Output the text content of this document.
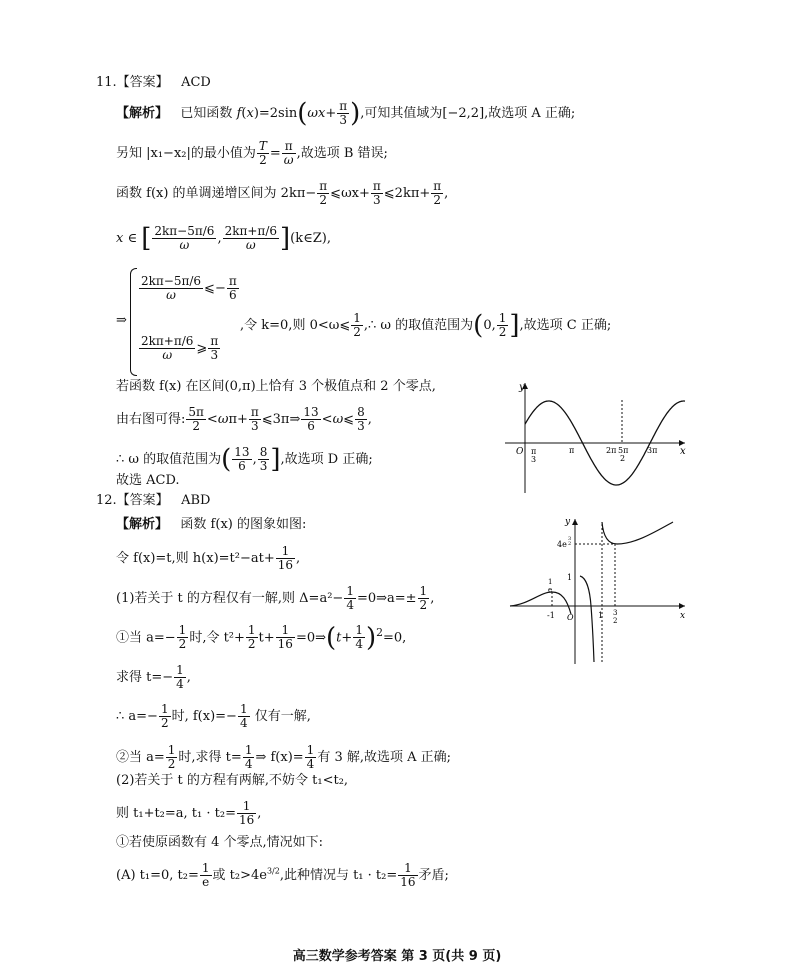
11.【答案】 ACD
【解析】 已知函数 $f(x)=2\sin(\omega x+ \frac{\pi}{3}$ ),可知其值域为[−2,2],故选项 A 正确;
另知 |x₁−x₂|的最小值为 $\frac{T}{2} = \frac{\pi}{\omega}$ ,故选项 B 错误;
函数 f(x) 的单调递增区间为 $2k\pi- \frac{\pi}{2}$ ⩽ωx+ $\frac{\pi}{3}$ ⩽2kπ+ $\frac{\pi}{2}$ ,
x ∈ [ $\frac{2k\pi-5\pi/6}{\omega}$ , $\frac{2k\pi+\pi/6}{\omega}$ ](k∈Z),
⇒
$\frac{2k\pi-5\pi/6}{\omega}$ ⩽− $\frac{\pi}{6}$
,令 k=0,则 0<ω⩽ $\frac{1}{2}$ ,∴ ω 的取值范围为(0, $\frac{1}{2}$ ],故选项 C 正确;
$\frac{2k\pi+\pi/6}{\omega}$ ⩾ $\frac{\pi}{3}$
若函数 f(x) 在区间(0,π)上恰有 3 个极值点和 2 个零点,
由右图可得: $\frac{5\pi}{2} <\omega\pi+ \frac{\pi}{3}$ ⩽3π⇒ $\frac{13}{6}$ <ω⩽ $\frac{8}{3}$ ,
∴ ω 的取值范围为( $\frac{13}{6}$ , $\frac{8}{3}$ ],故选项 D 正确;
故选 ACD.
y
x
O π
3
π	2π 5π
2
3π
12.【答案】 ABD
【解析】 函数 f(x) 的图象如图:
令 f(x)=t,则 $h(x)=t^2-at+ \frac{1}{16}$ ,
(1)若关于 t 的方程仅有一解,则 $\Delta=a^2- \frac{1}{4}$ =0⇒a=± $\frac{1}{2}$ ,
①当 $a=- \frac{1}{2}$ 时,令 $t^2+ \frac{1}{2} t+ \frac{1}{16}$ =0⇒(t+ $\frac{1}{4} )^2=0$,
求得 $t=- \frac{1}{4}$ ,
∴ $a=- \frac{1}{2}$ 时, $f(x)=- \frac{1}{4}$ 仅有一解,
②当 $a= \frac{1}{2}$ 时,求得 $t= \frac{1}{4}$ ⇒ $f(x)= \frac{1}{4}$ 有 3 解,故选项 A 正确;
(2)若关于 t 的方程有两解,不妨令 t₁<t₂,
则 t₁+t₂=a, $t_1 \cdot t_2= \frac{1}{16}$ ,
①若使原函数有 4 个零点,情况如下:
(A) t₁=0, $t_2= \frac{1}{e}$ 或 $t_2>4e^{3/2}$,此种情况与 $t_1 \cdot t_2= \frac{1}{16}$ 矛盾;
y
x
O
-1
1
1
e
1 3
2
4e
3
2
高三数学参考答案 第 3 页(共 9 页)
